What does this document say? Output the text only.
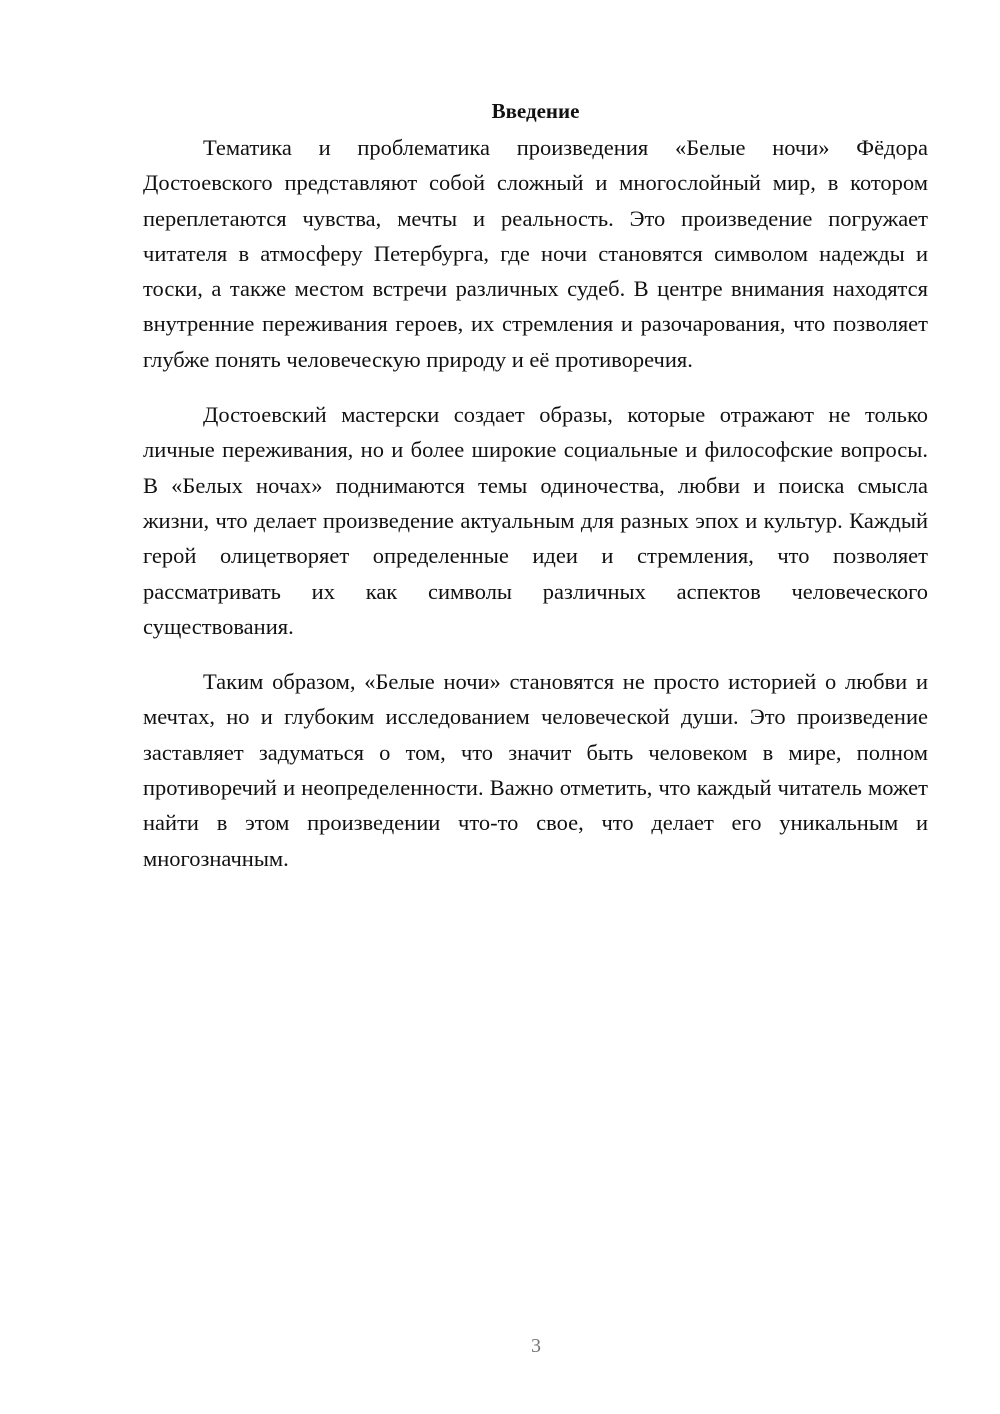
Введение

Тематика и проблематика произведения «Белые ночи» Фёдора Достоевского представляют собой сложный и многослойный мир, в котором переплетаются чувства, мечты и реальность. Это произведение погружает читателя в атмосферу Петербурга, где ночи становятся символом надежды и тоски, а также местом встречи различных судеб. В центре внимания находятся внутренние переживания героев, их стремления и разочарования, что позволяет глубже понять человеческую природу и её противоречия.

Достоевский мастерски создает образы, которые отражают не только личные переживания, но и более широкие социальные и философские вопросы. В «Белых ночах» поднимаются темы одиночества, любви и поиска смысла жизни, что делает произведение актуальным для разных эпох и культур. Каждый герой олицетворяет определенные идеи и стремления, что позволяет рассматривать их как символы различных аспектов человеческого существования.

Таким образом, «Белые ночи» становятся не просто историей о любви и мечтах, но и глубоким исследованием человеческой души. Это произведение заставляет задуматься о том, что значит быть человеком в мире, полном противоречий и неопределенности. Важно отметить, что каждый читатель может найти в этом произведении что-то свое, что делает его уникальным и многозначным.

3
